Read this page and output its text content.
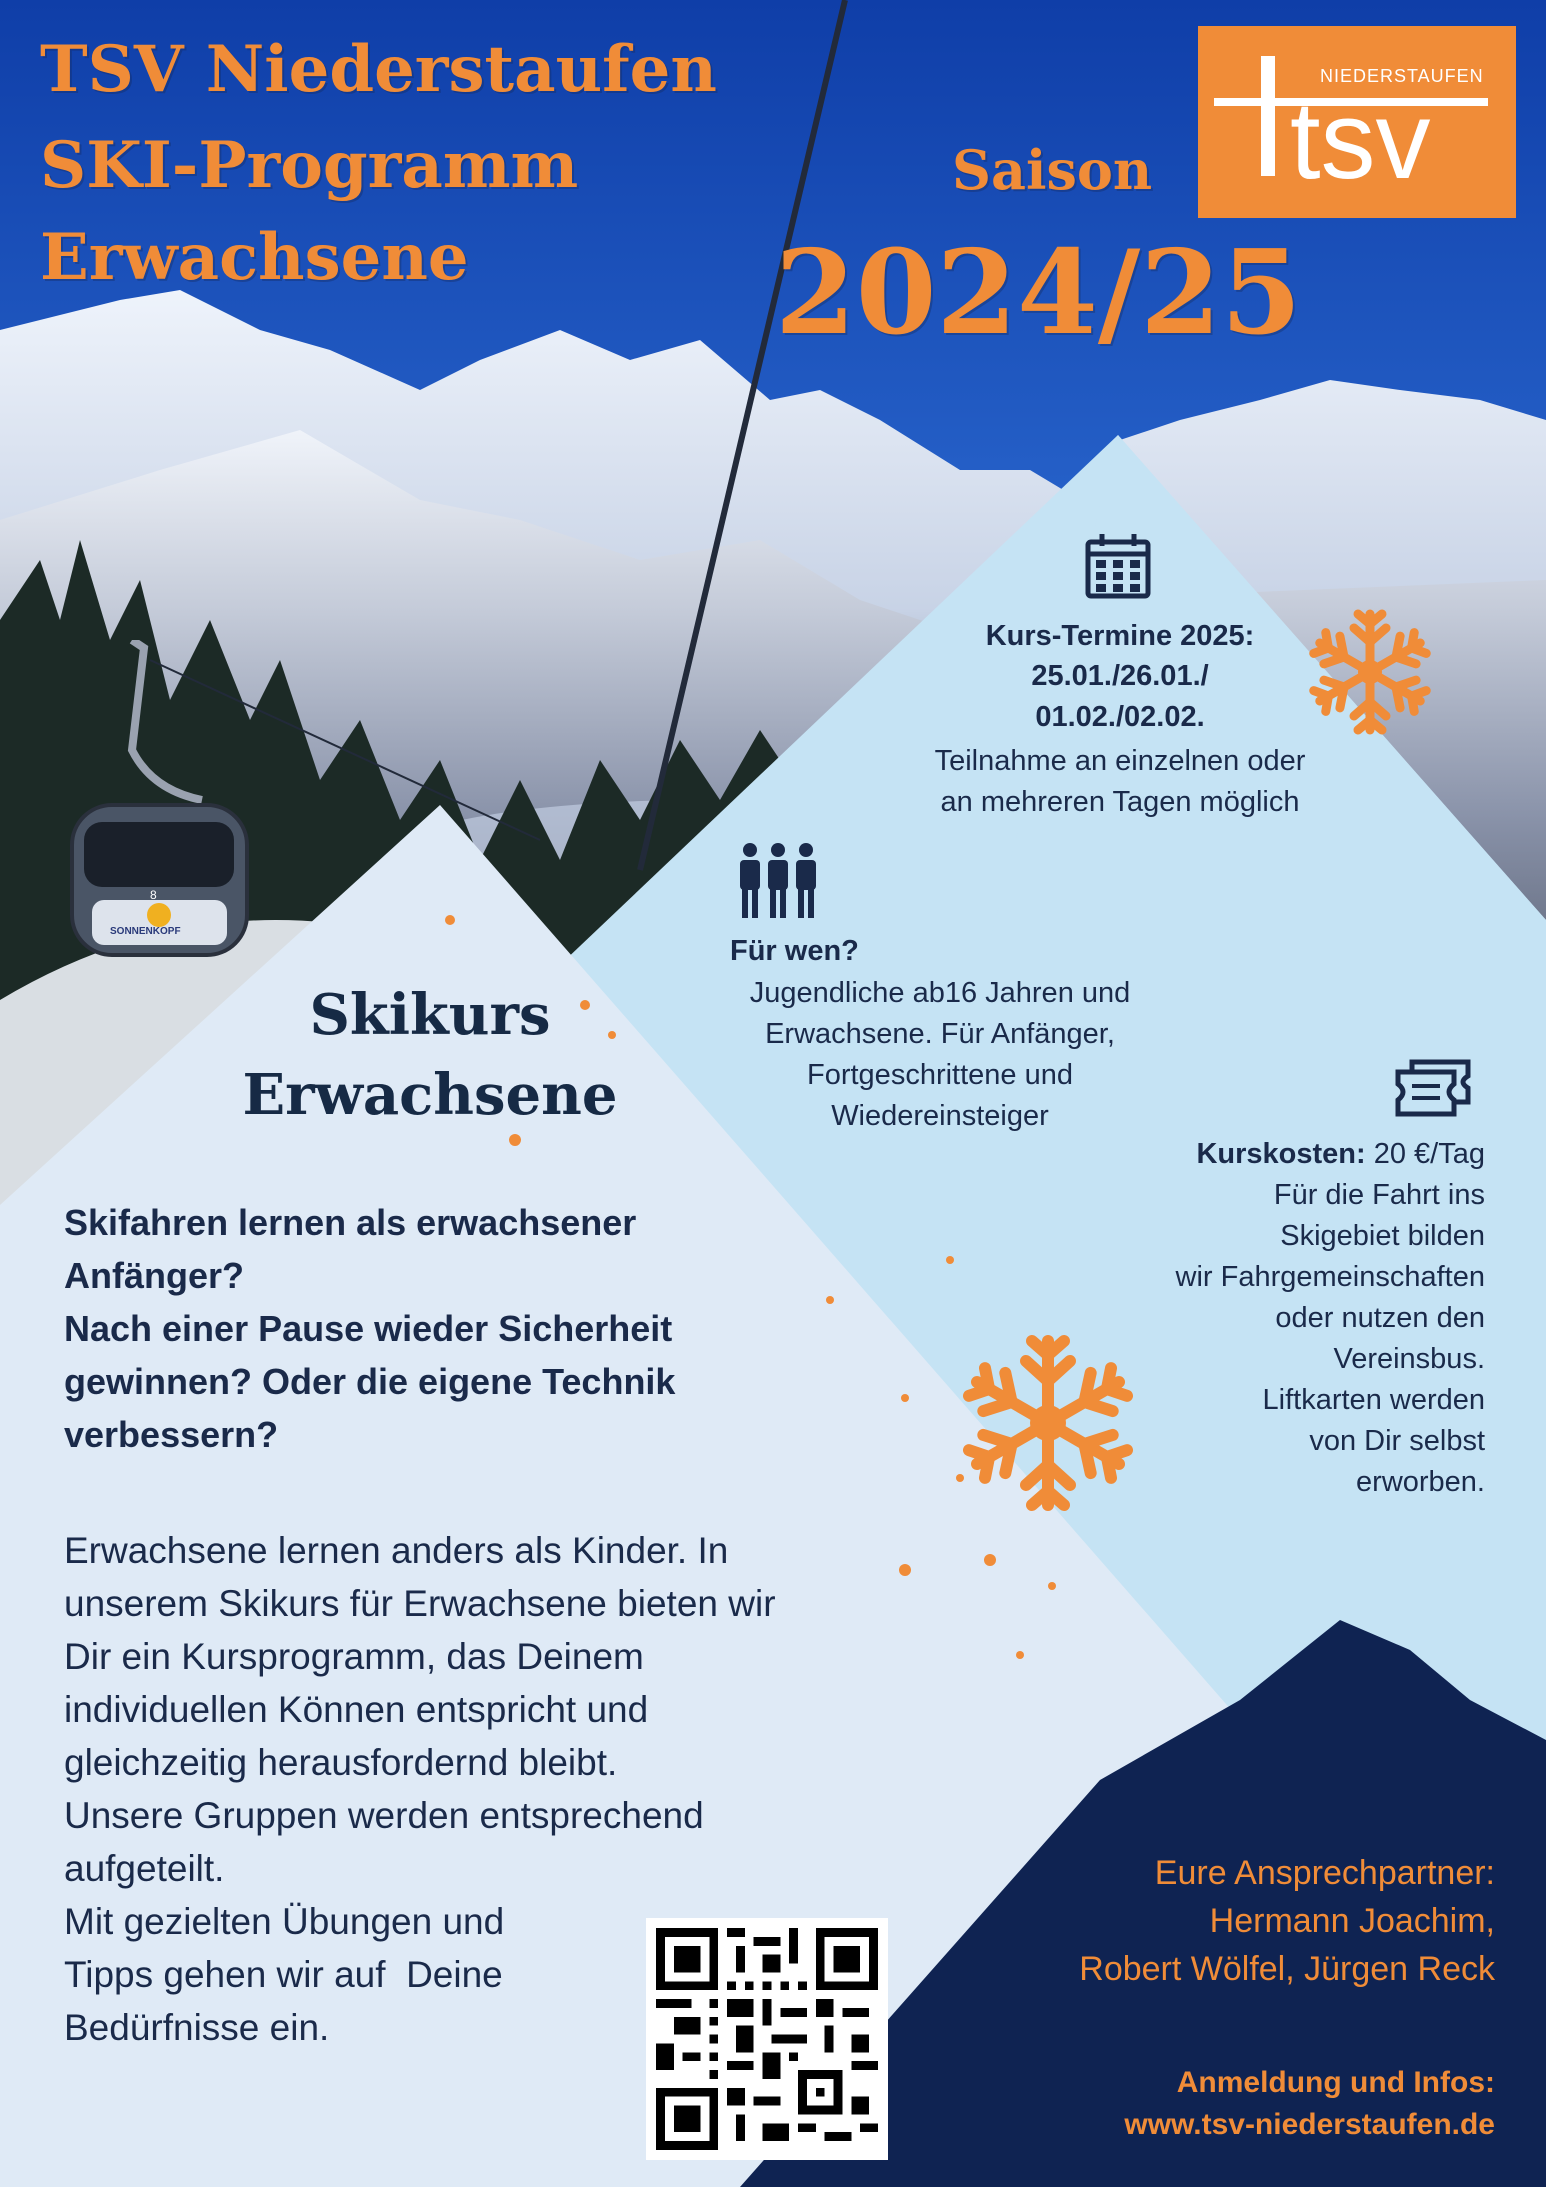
8
SONNENKOPF
TSV Niederstaufen
SKI-Programm
Erwachsene
Saison
2024/25
NIEDERSTAUFEN
tsv
Skikurs
Erwachsene
Kurs-Termine 2025:
25.01./26.01./
01.02./02.02.
Teilnahme an einzelnen oder
an mehreren Tagen möglich
Für wen?
Jugendliche ab16 Jahren und
Erwachsene. Für Anfänger,
Fortgeschrittene und
Wiedereinsteiger
Kurskosten: 20 €/Tag
Für die Fahrt ins
Skigebiet bilden
wir Fahrgemeinschaften
oder nutzen den
Vereinsbus.
Liftkarten werden
von Dir selbst
erworben.
Skifahren lernen als erwachsener
Anfänger?
Nach einer Pause wieder Sicherheit
gewinnen? Oder die eigene Technik
verbessern?
Erwachsene lernen anders als Kinder. In
unserem Skikurs für Erwachsene bieten wir
Dir ein Kursprogramm, das Deinem
individuellen Können entspricht und
gleichzeitig herausfordernd bleibt.
Unsere Gruppen werden entsprechend
aufgeteilt.
Mit gezielten Übungen und
Tipps gehen wir auf  Deine
Bedürfnisse ein.
Eure Ansprechpartner:
Hermann Joachim,
Robert Wölfel, Jürgen Reck
Anmeldung und Infos:
www.tsv-niederstaufen.de
